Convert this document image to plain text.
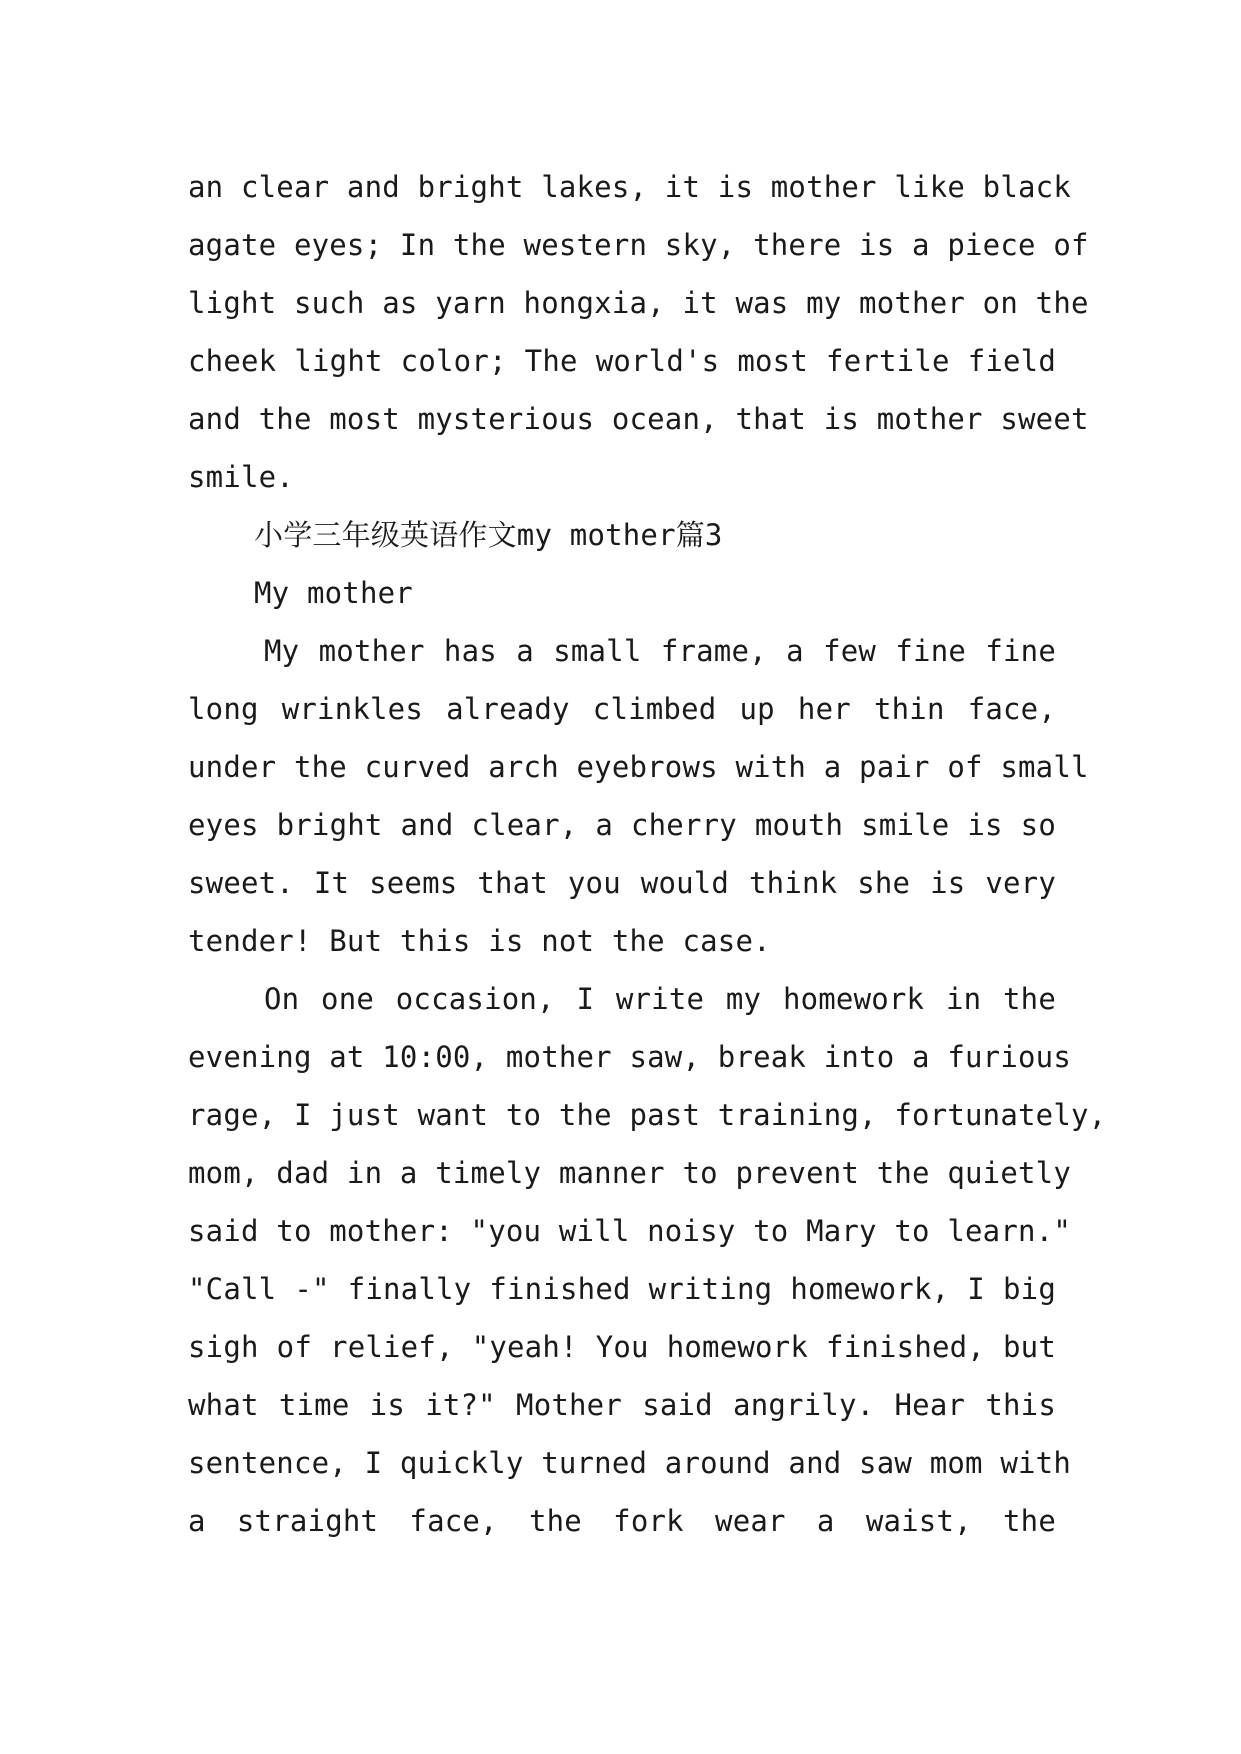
an clear and bright lakes, it is mother like black
agate eyes; In the western sky, there is a piece of
light such as yarn hongxia, it was my mother on the
cheek light color; The world's most fertile field
and the most mysterious ocean, that is mother sweet
smile.
小学三年级英语作文my mother篇3
My mother
My mother has a small frame, a few fine fine
long wrinkles already climbed up her thin face,
under the curved arch eyebrows with a pair of small
eyes bright and clear, a cherry mouth smile is so
sweet. It seems that you would think she is very
tender! But this is not the case.
On one occasion, I write my homework in the
evening at 10:00, mother saw, break into a furious
rage, I just want to the past training, fortunately,
mom, dad in a timely manner to prevent the quietly
said to mother: "you will noisy to Mary to learn."
"Call -" finally finished writing homework, I big
sigh of relief, "yeah! You homework finished, but
what time is it?" Mother said angrily. Hear this
sentence, I quickly turned around and saw mom with
a straight face, the fork wear a waist, the
